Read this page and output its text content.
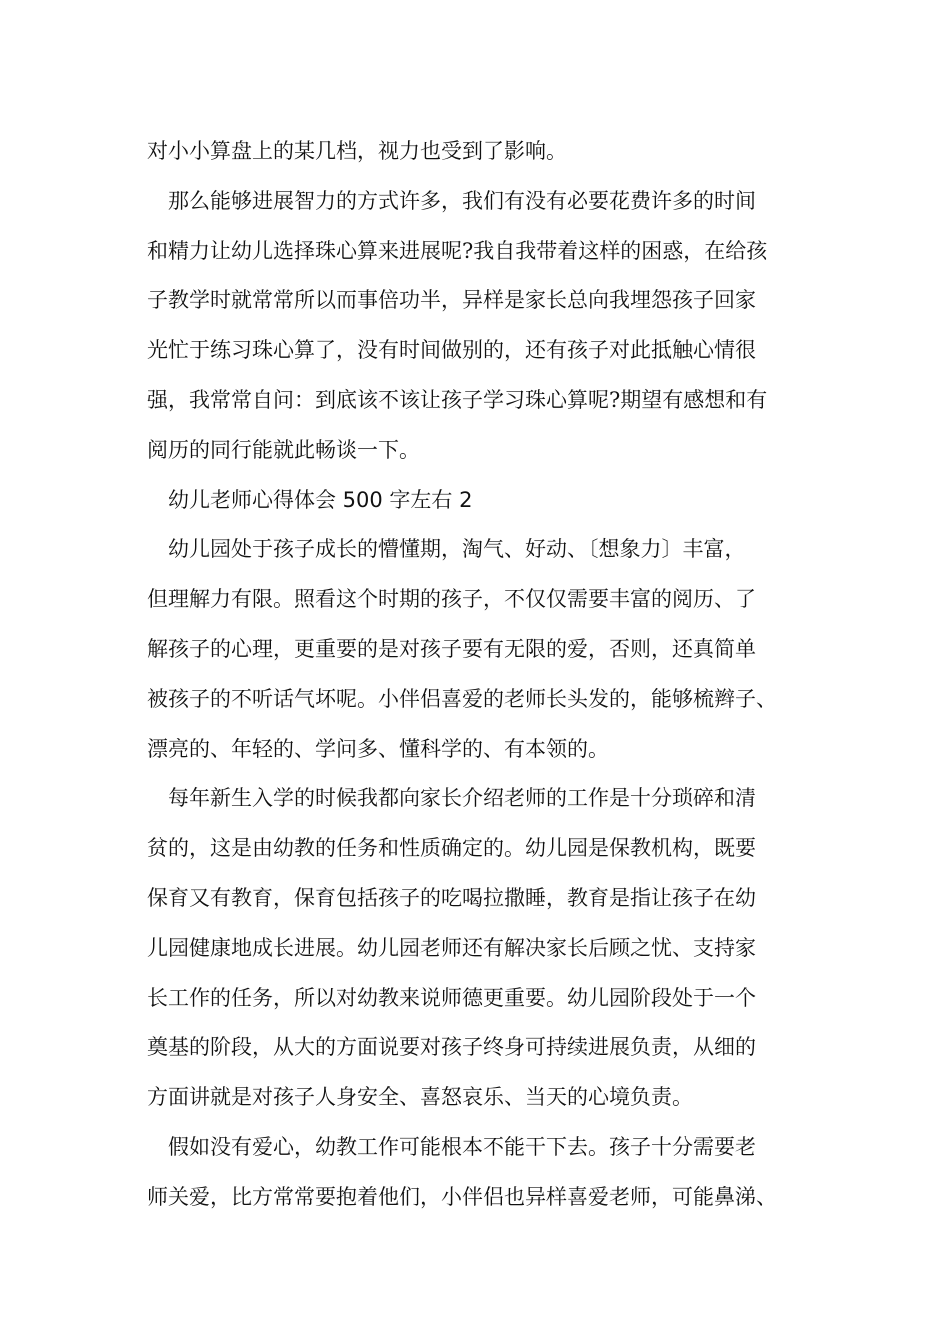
对小小算盘上的某几档，视力也受到了影响。
那么能够进展智力的方式许多，我们有没有必要花费许多的时间
和精力让幼儿选择珠心算来进展呢?我自我带着这样的困惑，在给孩
子教学时就常常所以而事倍功半，异样是家长总向我埋怨孩子回家
光忙于练习珠心算了，没有时间做别的，还有孩子对此抵触心情很
强，我常常自问：到底该不该让孩子学习珠心算呢?期望有感想和有
阅历的同行能就此畅谈一下。
幼儿老师心得体会 500 字左右 2
幼儿园处于孩子成长的懵懂期，淘气、好动、〔想象力〕丰富，
但理解力有限。照看这个时期的孩子，不仅仅需要丰富的阅历、了
解孩子的心理，更重要的是对孩子要有无限的爱，否则，还真简单
被孩子的不听话气坏呢。小伴侣喜爱的老师长头发的，能够梳辫子、
漂亮的、年轻的、学问多、懂科学的、有本领的。
每年新生入学的时候我都向家长介绍老师的工作是十分琐碎和清
贫的，这是由幼教的任务和性质确定的。幼儿园是保教机构，既要
保育又有教育，保育包括孩子的吃喝拉撒睡，教育是指让孩子在幼
儿园健康地成长进展。幼儿园老师还有解决家长后顾之忧、支持家
长工作的任务，所以对幼教来说师德更重要。幼儿园阶段处于一个
奠基的阶段，从大的方面说要对孩子终身可持续进展负责，从细的
方面讲就是对孩子人身安全、喜怒哀乐、当天的心境负责。
假如没有爱心，幼教工作可能根本不能干下去。孩子十分需要老
师关爱，比方常常要抱着他们，小伴侣也异样喜爱老师，可能鼻涕、
